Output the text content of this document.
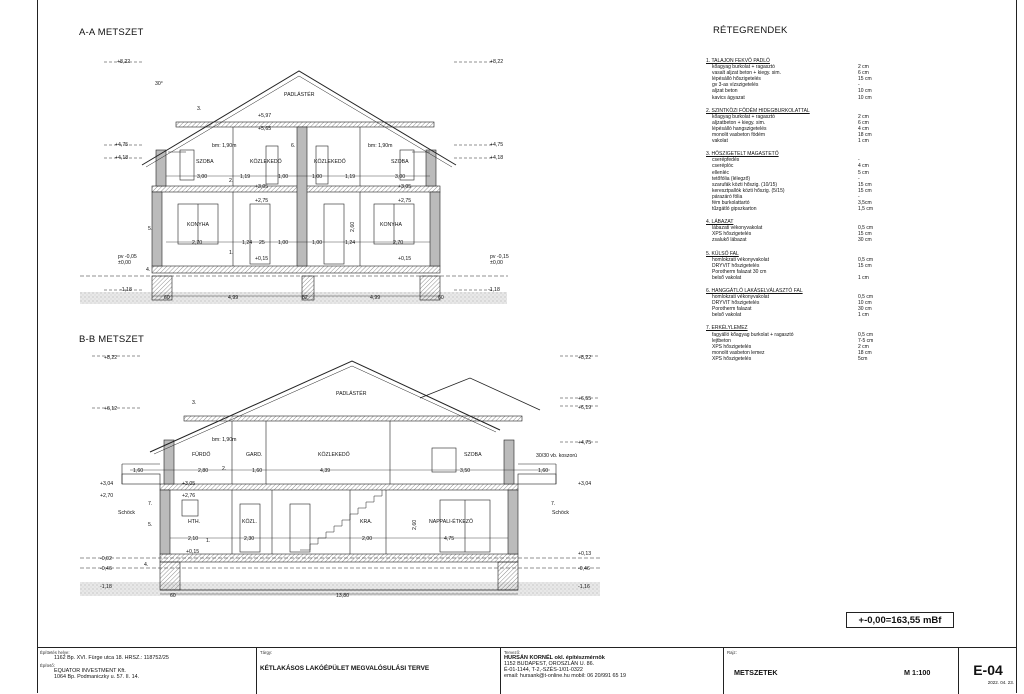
A-A METSZET
B-B METSZET
RÉTEGRENDEK
+8,22	+8,22
+4,75
+4,18
+4,75
+4,18
+5,97
+5,65
+3,05
+2,75
+3,05
+2,75
+0,15	+0,15
pv -0,05
±0,00
pv -0,15
±0,00
-1,18	-1,18
PADLÁSTÉR
30°
3.
2.
6.
5.
4.
1.
bm: 1,90m	bm: 1,90m
SZOBA	KÖZLEKEDŐ	KÖZLEKEDŐ	SZOBA
KONYHA	KONYHA
3,00	1,19	1,00	1,00	1,19	3,00
2,70	1,24 25	1,00	1,00	1,24	2,70
2,60
60	4,99	82	4,99	60
+8,22	+8,22
+6,12
+6,55
+6,19
+4,75
+3,04	+3,05
+2,76
+2,70
+3,04
+0,15	+0,13
-0,02
-0,46
-1,18
-0,46
-1,16
PADLÁSTÉR
3.
2.
7.
5.
4.
1.
7.
Schöck	Schöck
30/30 vb. koszorú
bm: 1,90m
FÜRDŐ	GARD.	KÖZLEKEDŐ	SZOBA
HTH.	KÖZL.	KRA.	NAPPALI-ÉTKEZŐ
1,60	2,80	1,60	4,39	3,50	1,60
2,10	2,30	2,00	4,75
13,80
60
2,60
1. TALAJON FEKVŐ PADLÓ
kőagyag burkolat + ragasztó	2 cm
vasalt aljzat beton + kiegy. sim.	6 cm
lépésálló hőszigetelés	15 cm
gv 3-as vízszigetelés	-
aljzat beton	10 cm
kavics ágyazat	10 cm
2. SZINTKÖZI FÖDÉM HIDEGBURKOLATTAL
kőagyag burkolat + ragasztó	2 cm
aljzatbeton + kiegy. sim.	6 cm
lépésálló hangszigetelés	4 cm
monolit vasbeton födém	18 cm
vakolat	1 cm
3. HŐSZIGETELT MAGASTETŐ
cserépfedés	-
cseréplóc	4 cm
ellenléc	5 cm
tetőfólia (lélegző)	-
szarufák közti hőszig. (10/15)	15 cm
keresztpallók közti hőszig. (5/15)	15 cm
párazáró fólia	-
fém burkolattartó	3,5cm
tűzgátló gipszkarton	1,5 cm
4. LÁBAZAT
lábazati vékonyvakolat	0,5 cm
XPS hőszigetelés	15 cm
zsalukő lábazat	30 cm
5. KÜLSŐ FAL
homlokzati vékonyvakolat	0,5 cm
DRYVIT hőszigetelés	15 cm
Porotherm falazat 30 cm
belső vakolat	1 cm
6. HANGGÁTLÓ LAKÁSELVÁLASZTÓ FAL
homlokzati vékonyvakolat	0,5 cm
DRYVIT hőszigetelés	10 cm
Porotherm falazat	30 cm
belső vakolat	1 cm
7. ERKÉLYLEMEZ
fagyálló kőagyag burkolat + ragasztó	0,5 cm
lejtbeton	7-5 cm
XPS hőszigetelés	2 cm
monolit vasbeton lemez	18 cm
XPS hőszigetelés	5cm
+-0,00=163,55 mBf
Építtetés helye:
1162 Bp. XVI. Fürge utca 18. HRSZ.: 118752/25
Építető:
EQUATOR INVESTMENT Kft.
1064 Bp. Podmaniczky u. 57. II. 14.
Tárgy:
KÉTLAKÁSOS LAKÓÉPÜLET MEGVALÓSULÁSI TERVE
Tervező:
HURSÁN KORNÉL okl. építészmérnök
1152 BUDAPEST, OROSZLÁN U. 86.
É-01-1144, T-2,-SZÉS-1/01-0322
email: hursank@t-online.hu mobil: 06 20/991 65 19
Rajz:
METSZETEK	M 1:100	E-04
2022. 04. 23.
